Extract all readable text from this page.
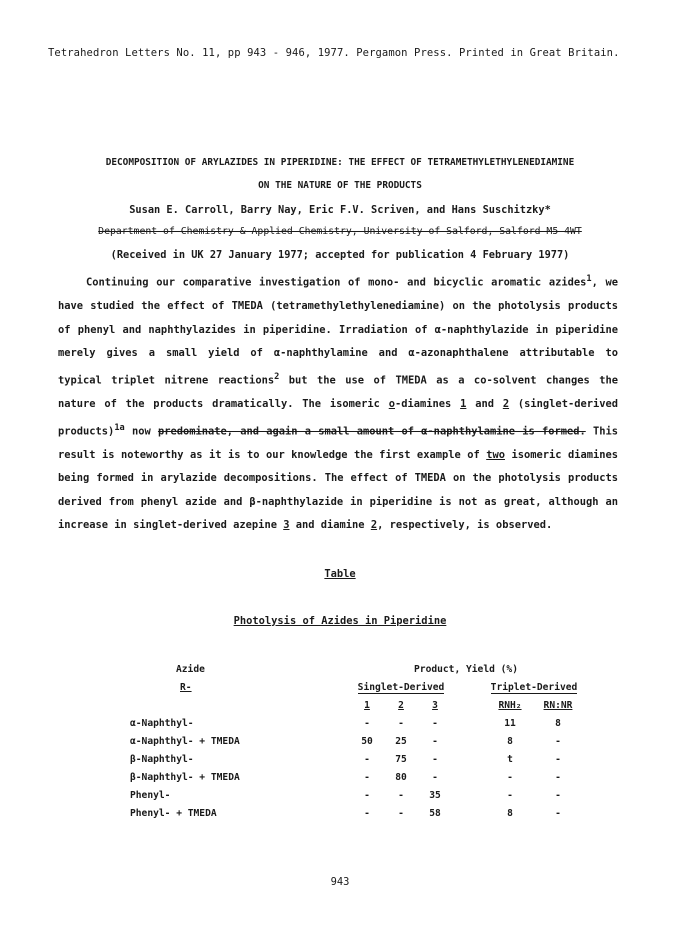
Tetrahedron Letters No. 11, pp 943 - 946, 1977. Pergamon Press. Printed in Great Britain.
DECOMPOSITION OF ARYLAZIDES IN PIPERIDINE: THE EFFECT OF TETRAMETHYLETHYLENEDIAMINE
ON THE NATURE OF THE PRODUCTS
Susan E. Carroll, Barry Nay, Eric F.V. Scriven, and Hans Suschitzky*
Department of Chemistry & Applied Chemistry, University of Salford, Salford M5 4WT
(Received in UK 27 January 1977; accepted for publication 4 February 1977)

Continuing our comparative investigation of mono- and bicyclic aromatic azides$^1$, we have studied the effect of TMEDA (tetramethylethylenediamine) on the photolysis products of phenyl and naphthylazides in piperidine. Irradiation of α-naphthylazide in piperidine merely gives a small yield of α-naphthylamine and α-azonaphthalene attributable to typical triplet nitrene reactions$^2$ but the use of TMEDA as a co-solvent changes the nature of the products dramatically. The isomeric o-diamines 1 and 2 (singlet-derived products)$^{1a}$ now predominate, and again a small amount of α-naphthylamine is formed. This result is noteworthy as it is to our knowledge the first example of two isomeric diamines being formed in arylazide decompositions. The effect of TMEDA on the photolysis products derived from phenyl azide and β-naphthylazide in piperidine is not as great, although an increase in singlet-derived azepine 3 and diamine 2, respectively, is observed.

Table
Photolysis of Azides in Piperidine
Azide	Product, Yield (%)					
R-	Singlet-Derived				Triplet-Derived	
	1	2	3		RNH₂	RN:NR
α-Naphthyl-	-	-	-		11	8
α-Naphthyl- + TMEDA	50	25	-		8	-
β-Naphthyl-	-	75	-		t	-
β-Naphthyl- + TMEDA	-	80	-		-	-
Phenyl-	-	-	35		-	-
Phenyl- + TMEDA	-	-	58		8	-
943
